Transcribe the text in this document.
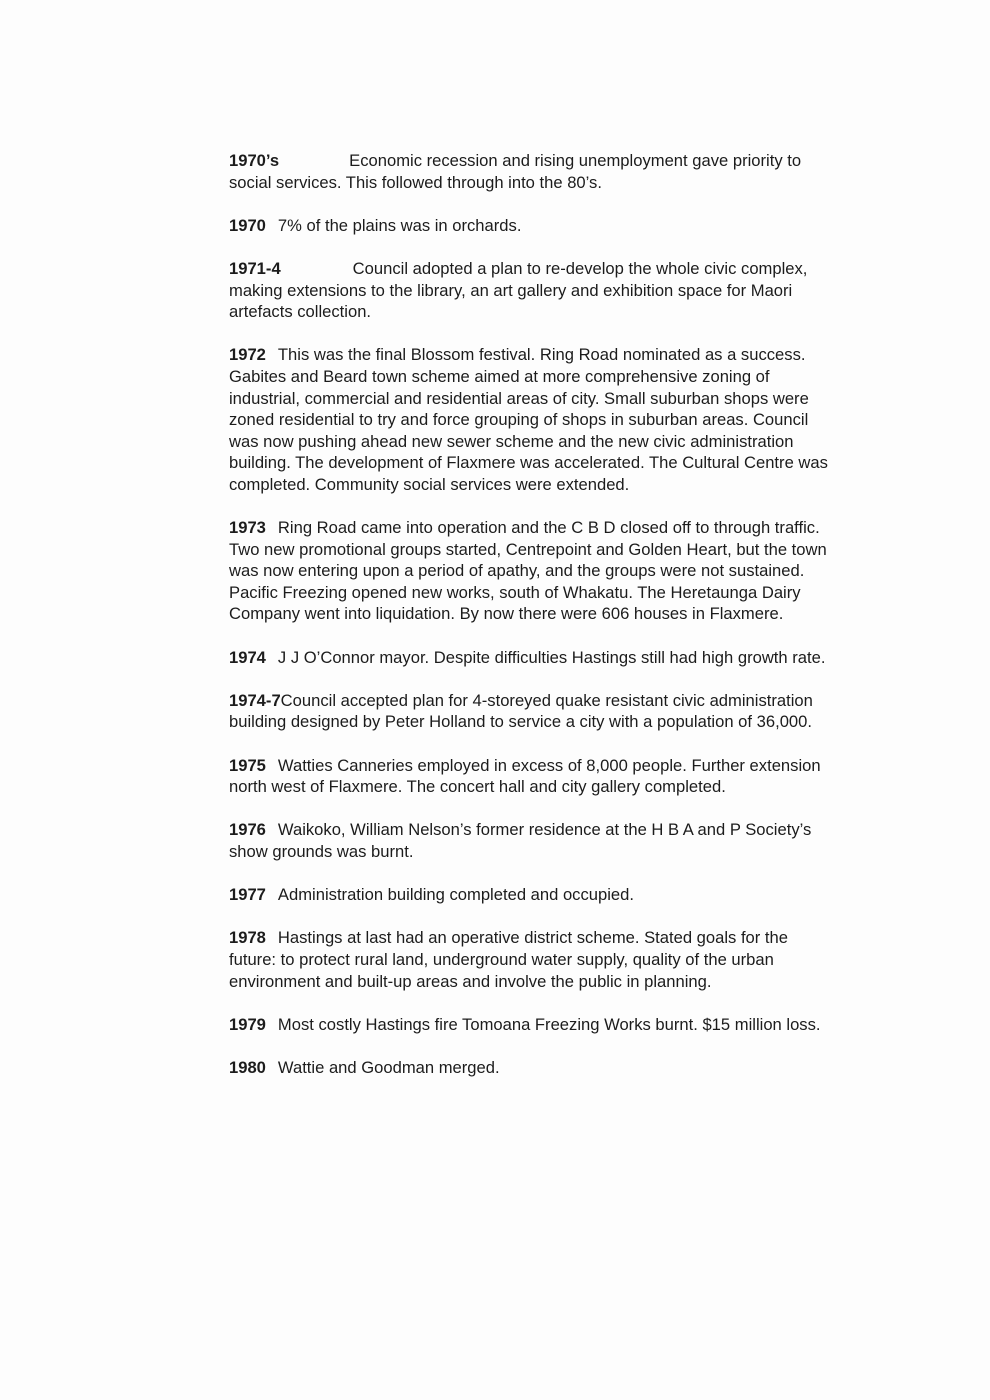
1970’s	Economic recession and rising unemployment gave priority to social services. This followed through into the 80’s.

1970 7% of the plains was in orchards.

1971-4	Council adopted a plan to re-develop the whole civic complex, making extensions to the library, an art gallery and exhibition space for Maori artefacts collection.

1972 This was the final Blossom festival. Ring Road nominated as a success. Gabites and Beard town scheme aimed at more comprehensive zoning of industrial, commercial and residential areas of city. Small suburban shops were zoned residential to try and force grouping of shops in suburban areas. Council was now pushing ahead new sewer scheme and the new civic administration building. The development of Flaxmere was accelerated. The Cultural Centre was completed. Community social services were extended.

1973 Ring Road came into operation and the C B D closed off to through traffic. Two new promotional groups started, Centrepoint and Golden Heart, but the town was now entering upon a period of apathy, and the groups were not sustained. Pacific Freezing opened new works, south of Whakatu. The Heretaunga Dairy Company went into liquidation. By now there were 606 houses in Flaxmere.

1974 J J O’Connor mayor. Despite difficulties Hastings still had high growth rate.

1974-7Council accepted plan for 4-storeyed quake resistant civic administration building designed by Peter Holland to service a city with a population of 36,000.

1975 Watties Canneries employed in excess of 8,000 people. Further extension north west of Flaxmere. The concert hall and city gallery completed.

1976 Waikoko, William Nelson’s former residence at the H B A and P Society’s show grounds was burnt.

1977 Administration building completed and occupied.

1978 Hastings at last had an operative district scheme. Stated goals for the future: to protect rural land, underground water supply, quality of the urban environment and built-up areas and involve the public in planning.

1979 Most costly Hastings fire Tomoana Freezing Works burnt. $15 million loss.

1980 Wattie and Goodman merged.
